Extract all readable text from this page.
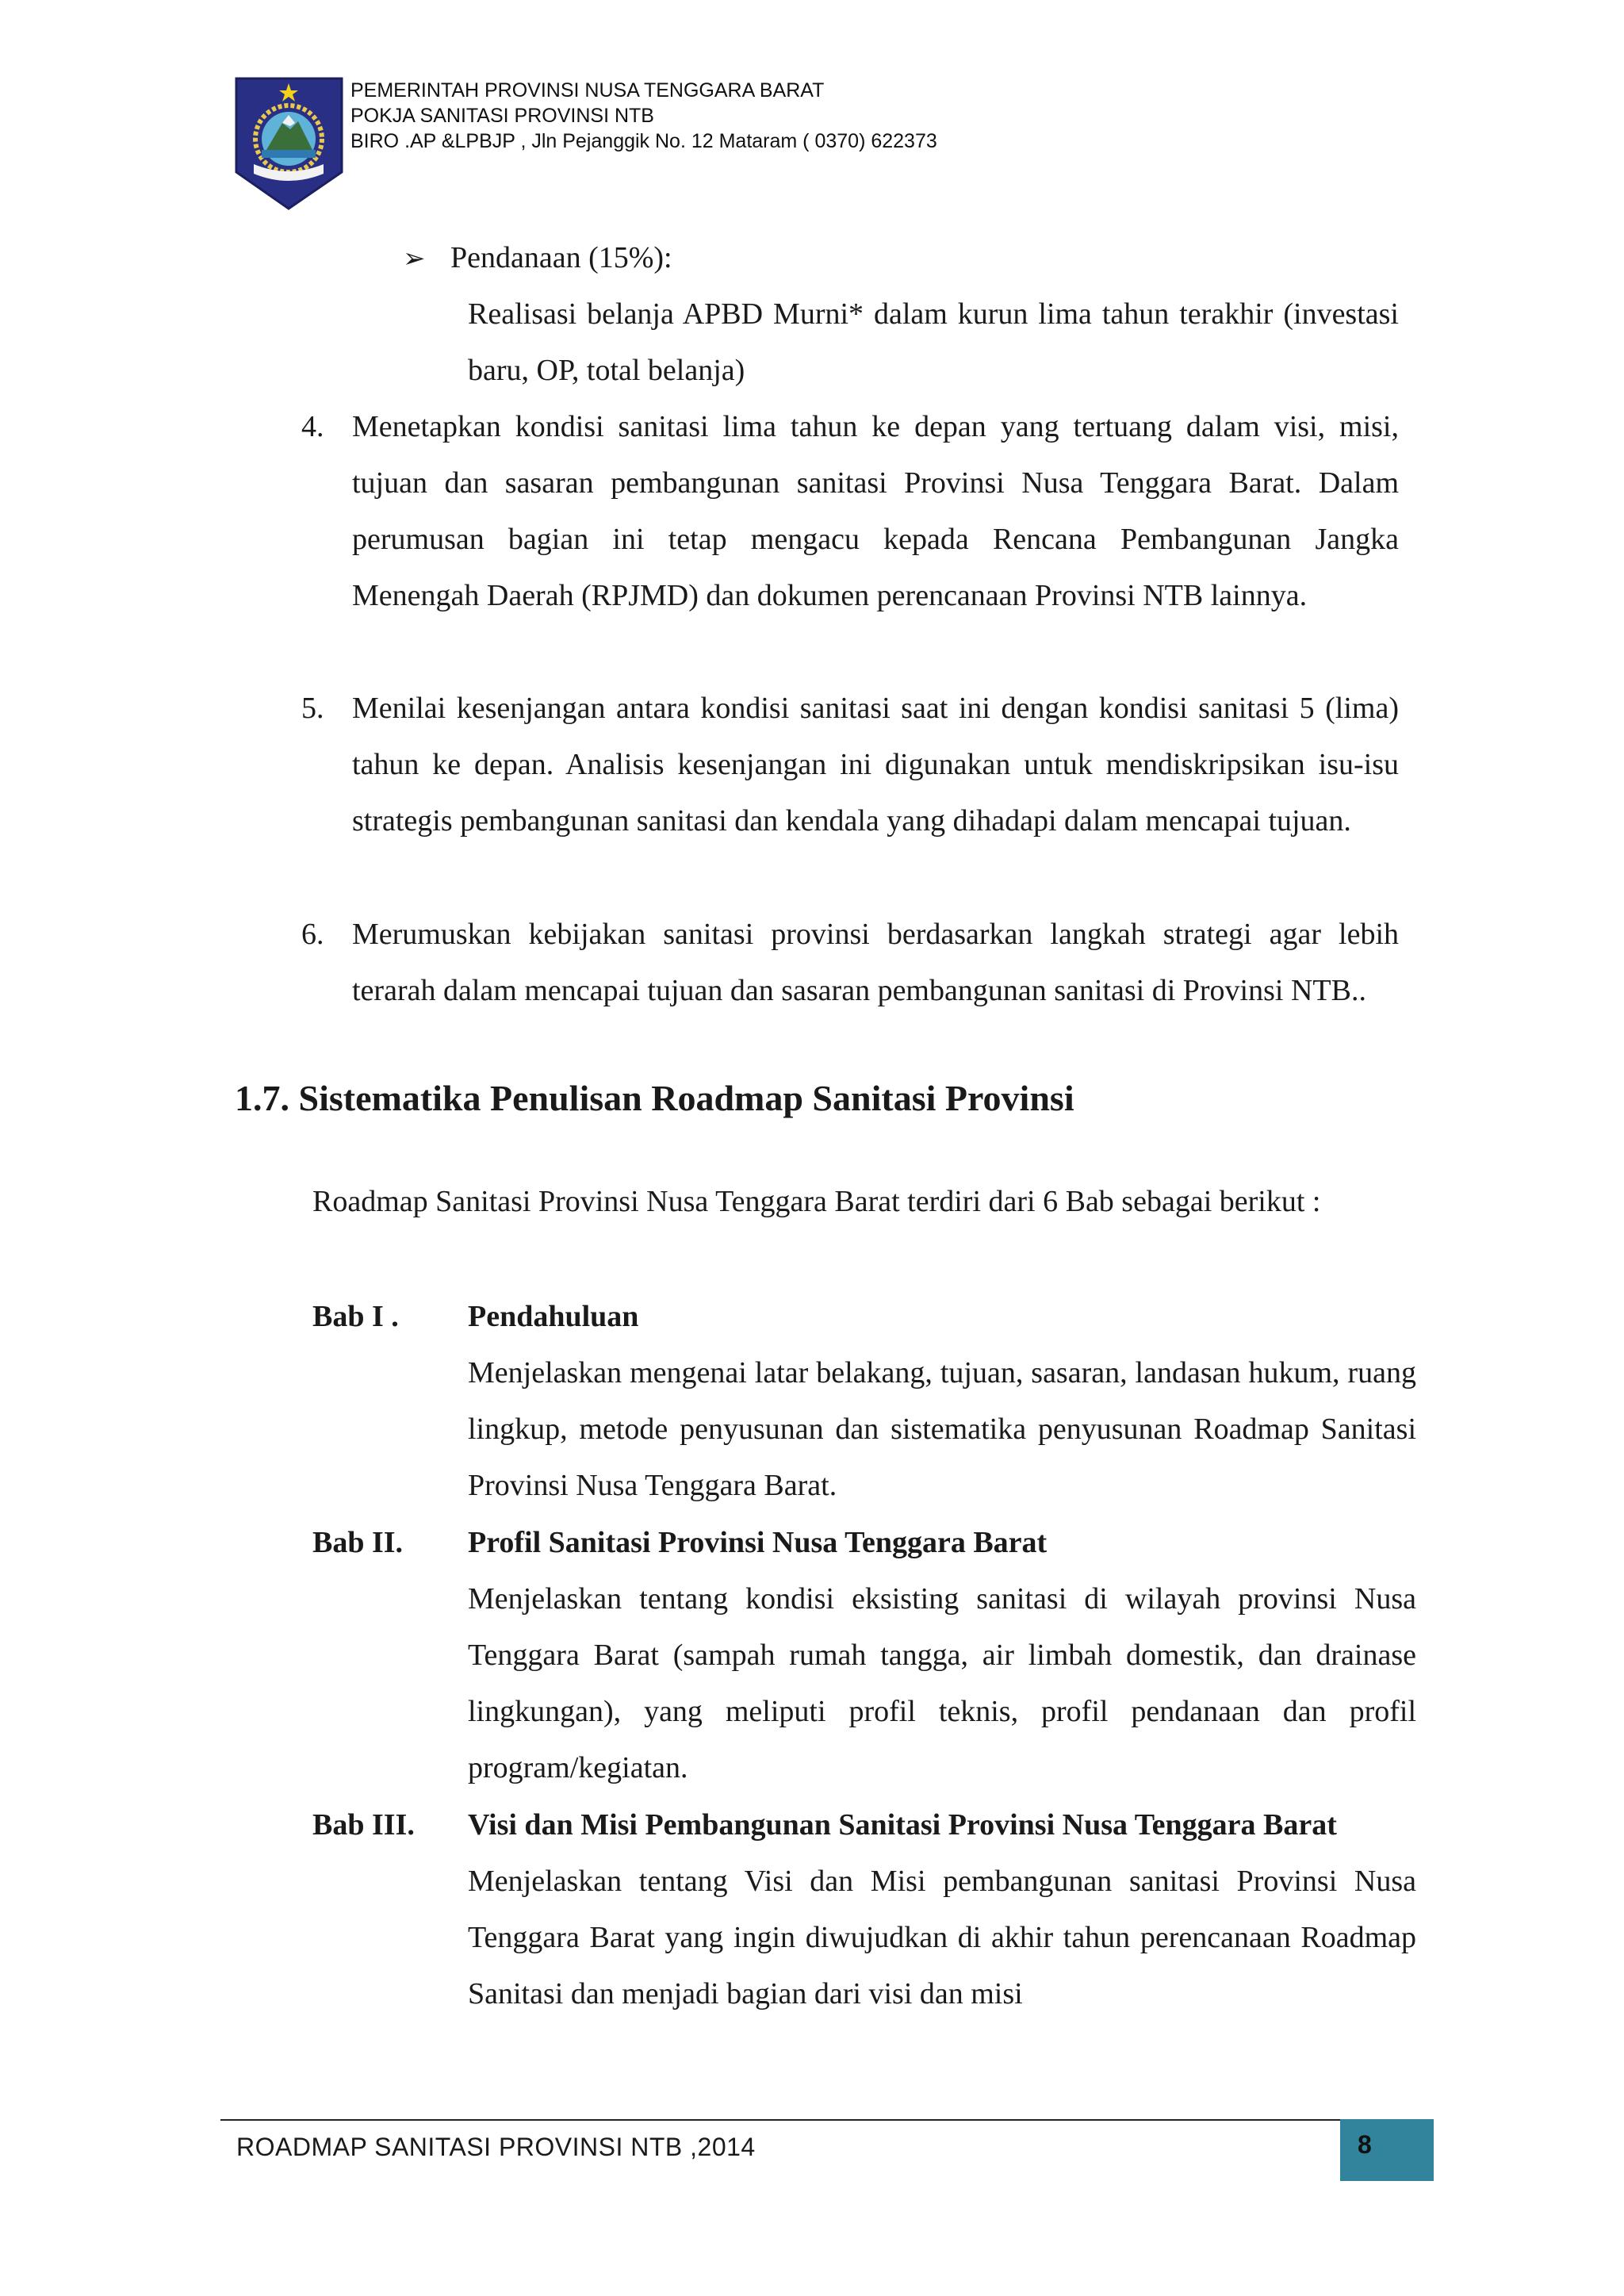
PEMERINTAH PROVINSI NUSA TENGGARA BARAT
POKJA SANITASI PROVINSI NTB
BIRO .AP &LPBJP , Jln Pejanggik No. 12 Mataram ( 0370) 622373
➢ Pendanaan (15%):
Realisasi belanja APBD Murni* dalam kurun lima tahun terakhir (investasi baru, OP, total belanja)
4. Menetapkan kondisi sanitasi lima tahun ke depan yang tertuang dalam visi, misi, tujuan dan sasaran pembangunan sanitasi Provinsi Nusa Tenggara Barat. Dalam perumusan bagian ini tetap mengacu kepada Rencana Pembangunan Jangka Menengah Daerah (RPJMD) dan dokumen perencanaan Provinsi NTB lainnya.
5. Menilai kesenjangan antara kondisi sanitasi saat ini dengan kondisi sanitasi 5 (lima) tahun ke depan. Analisis kesenjangan ini digunakan untuk mendiskripsikan isu-isu strategis pembangunan sanitasi dan kendala yang dihadapi dalam mencapai tujuan.
6. Merumuskan kebijakan sanitasi provinsi berdasarkan langkah strategi agar lebih terarah dalam mencapai tujuan dan sasaran pembangunan sanitasi di Provinsi NTB..
1.7. Sistematika Penulisan Roadmap Sanitasi Provinsi
Roadmap Sanitasi Provinsi Nusa Tenggara Barat terdiri dari 6 Bab sebagai berikut :
Bab I . Pendahuluan
Menjelaskan mengenai latar belakang, tujuan, sasaran, landasan hukum, ruang lingkup, metode penyusunan dan sistematika penyusunan Roadmap Sanitasi Provinsi Nusa Tenggara Barat.
Bab II. Profil Sanitasi Provinsi Nusa Tenggara Barat
Menjelaskan tentang kondisi eksisting sanitasi di wilayah provinsi Nusa Tenggara Barat (sampah rumah tangga, air limbah domestik, dan drainase lingkungan), yang meliputi profil teknis, profil pendanaan dan profil program/kegiatan.
Bab III. Visi dan Misi Pembangunan Sanitasi Provinsi Nusa Tenggara Barat
Menjelaskan tentang Visi dan Misi pembangunan sanitasi Provinsi Nusa Tenggara Barat yang ingin diwujudkan di akhir tahun perencanaan Roadmap Sanitasi dan menjadi bagian dari visi dan misi
ROADMAP SANITASI PROVINSI NTB ,2014	8
